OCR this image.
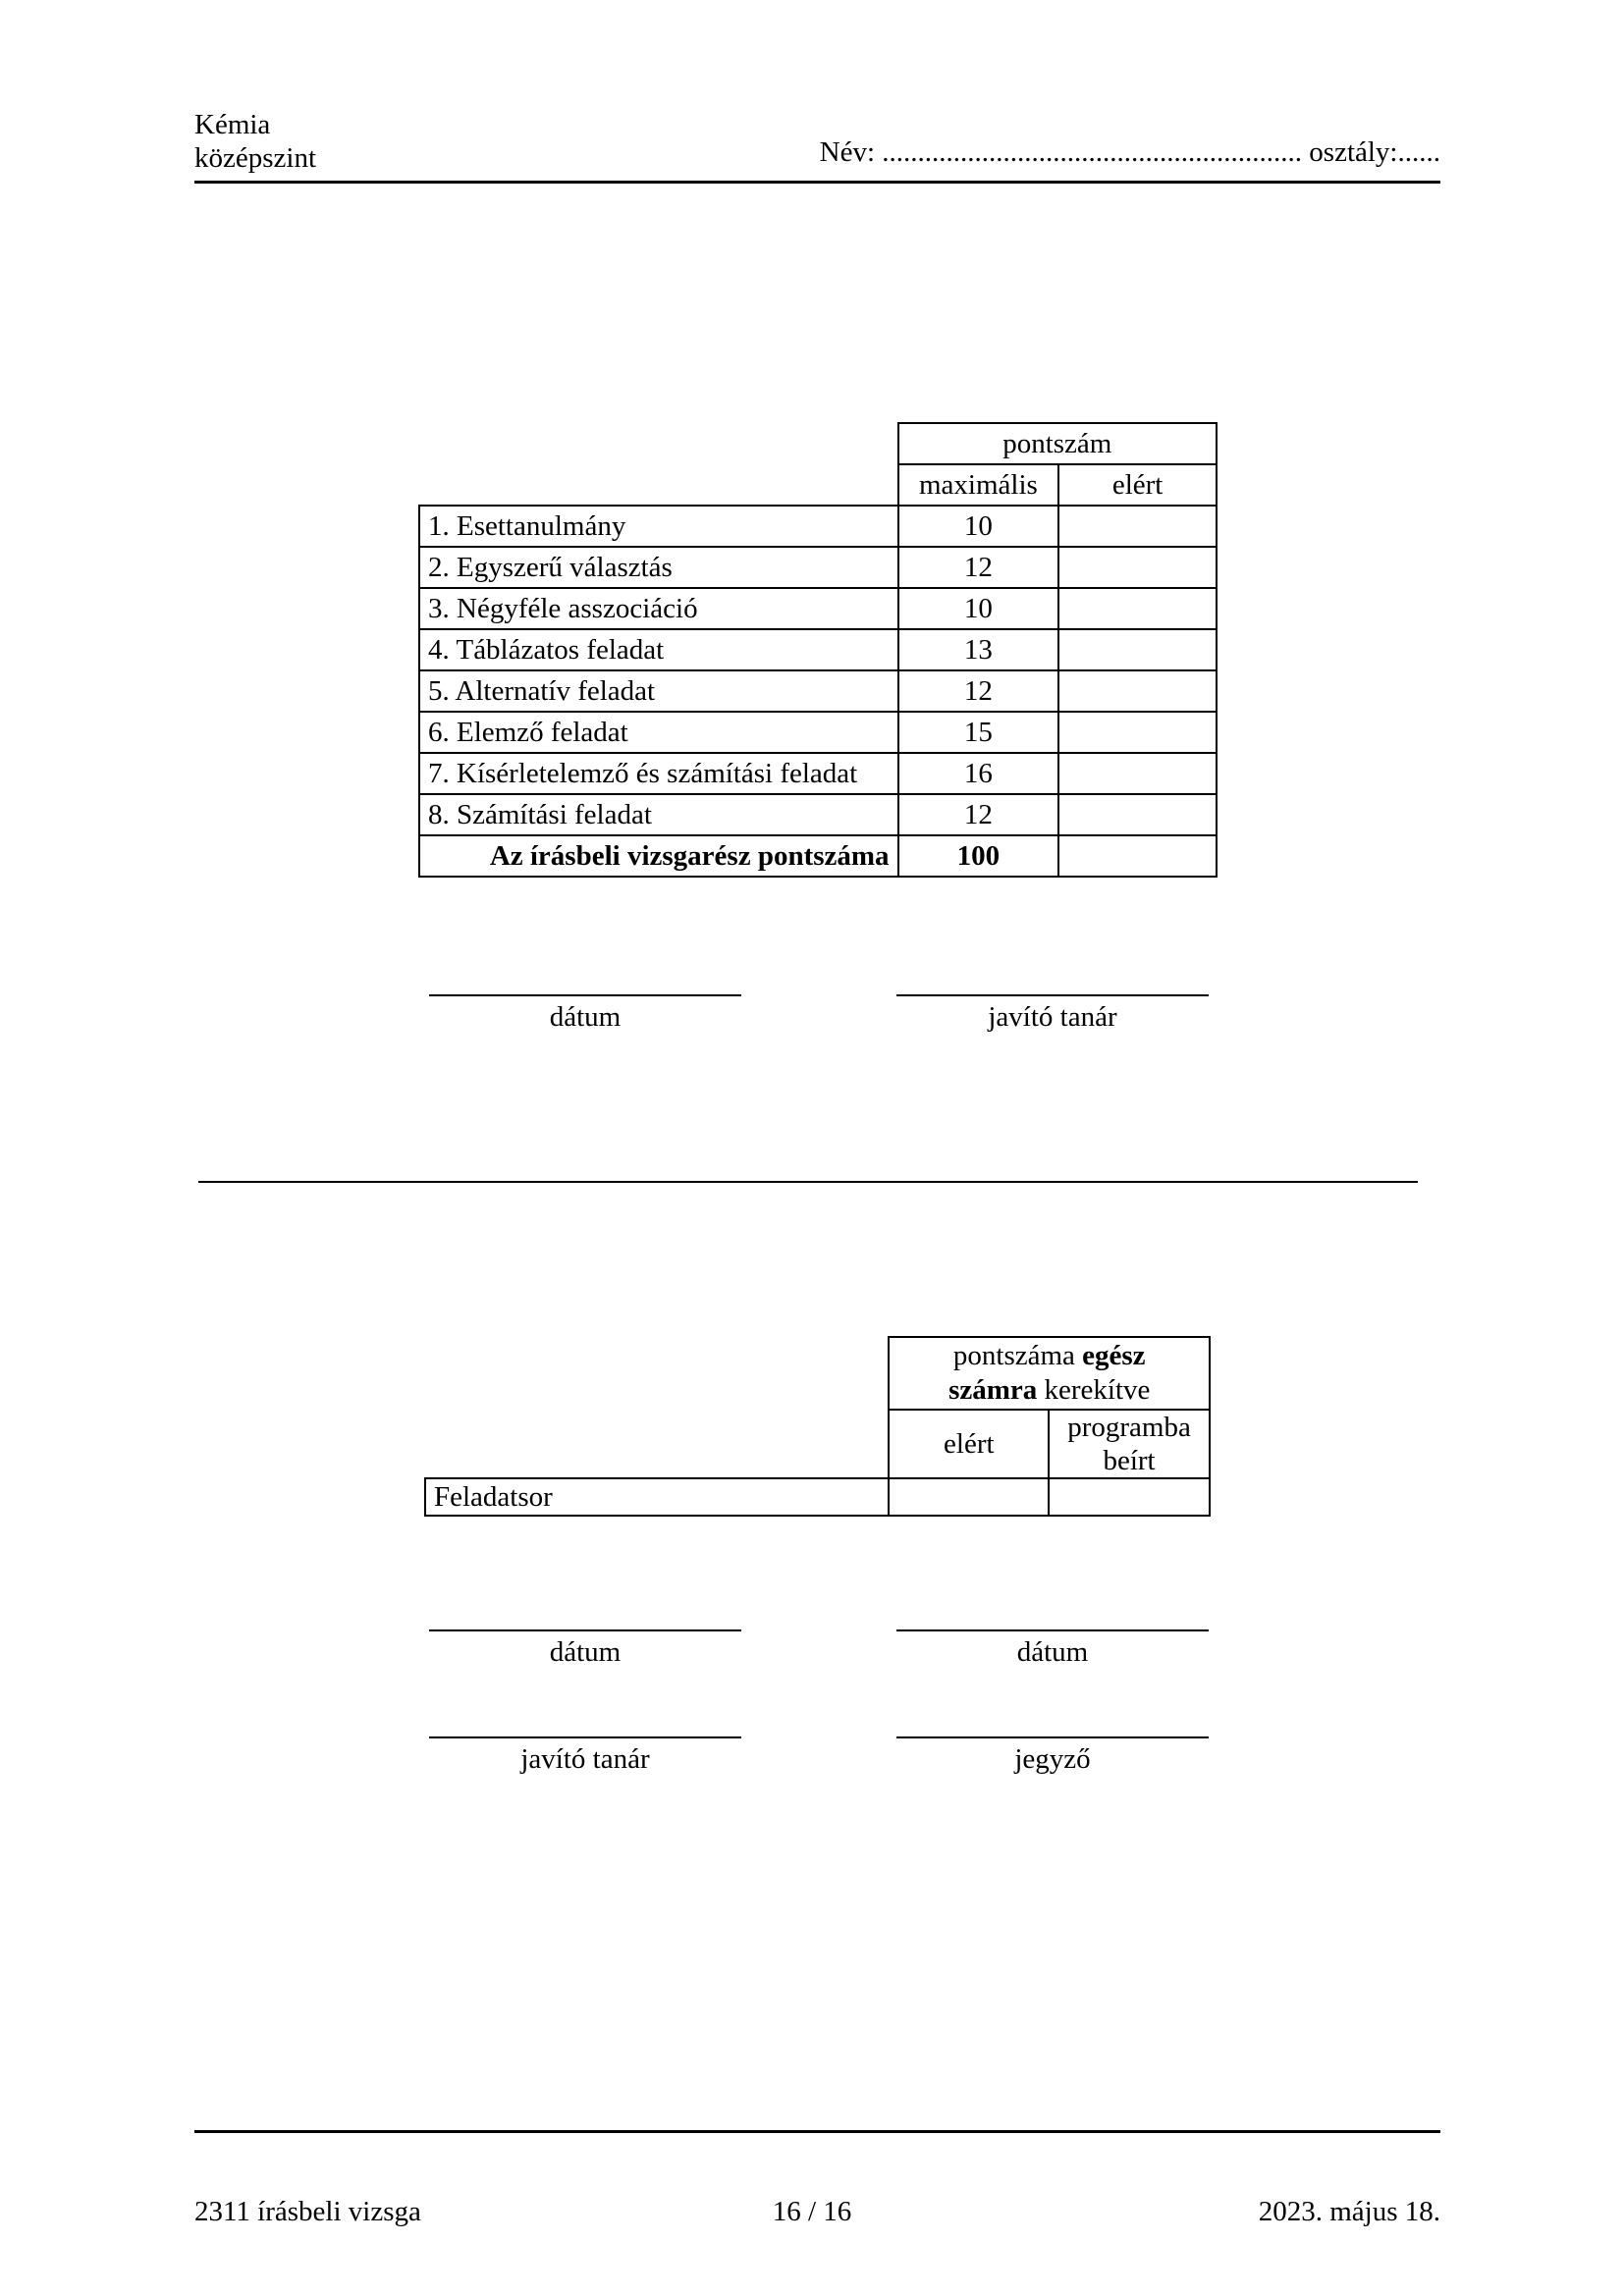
Kémia
középszint	Név: ........................................................... osztály:......
	pontszám	
	maximális	elért
1. Esettanulmány	10	
2. Egyszerű választás	12	
3. Négyféle asszociáció	10	
4. Táblázatos feladat	13	
5. Alternatív feladat	12	
6. Elemző feladat	15	
7. Kísérletelemző és számítási feladat	16	
8. Számítási feladat	12	
Az írásbeli vizsgarész pontszáma	100	
dátum	javító tanár
	pontszáma egész
számra kerekítve	
	elért	programba
beírt
Feladatsor		
dátum	dátum
javító tanár	jegyző
2311 írásbeli vizsga	16 / 16	2023. május 18.
